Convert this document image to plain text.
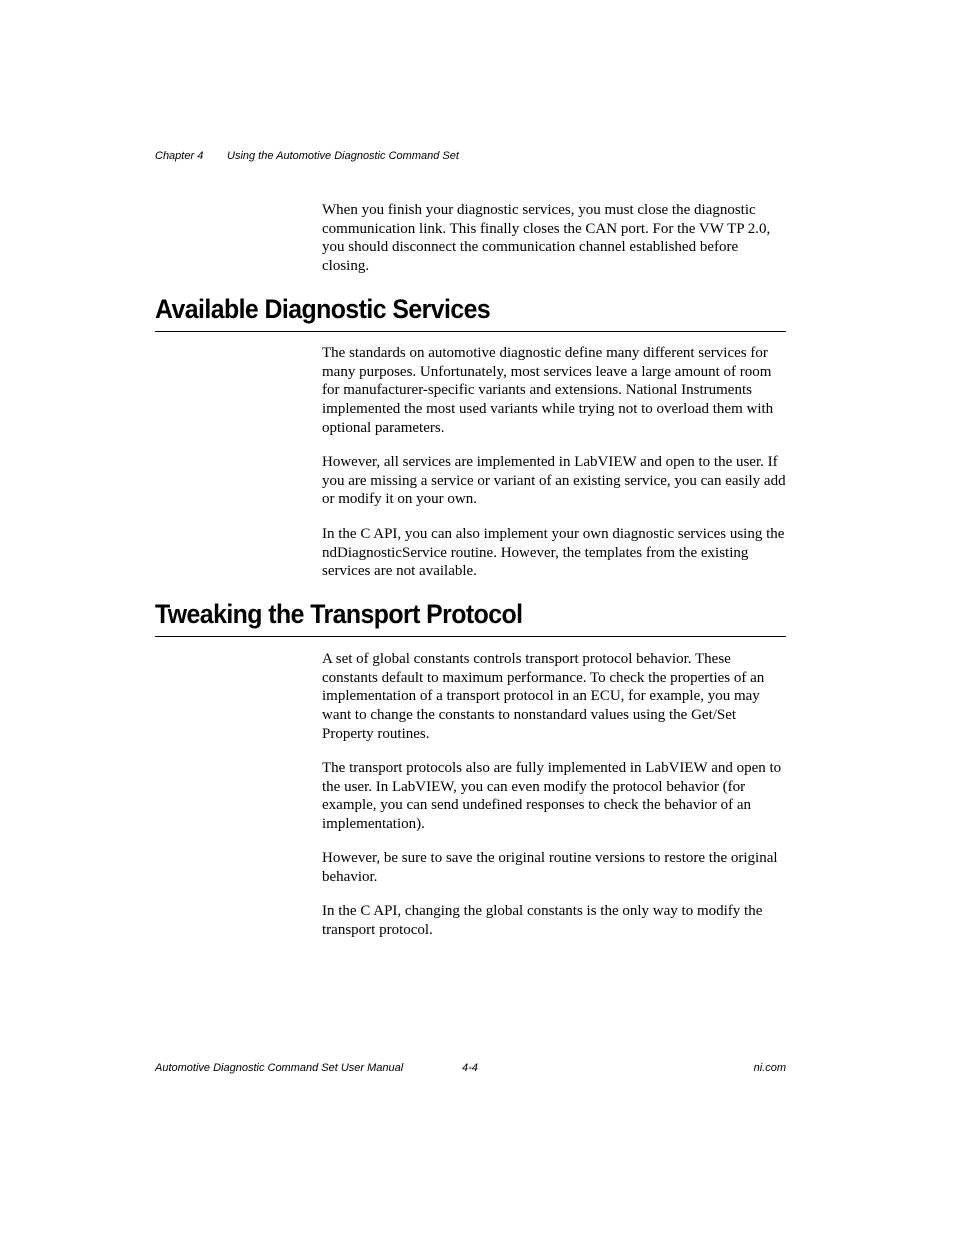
Chapter 4 Using the Automotive Diagnostic Command Set

When you finish your diagnostic services, you must close the diagnostic communication link. This finally closes the CAN port. For the VW TP 2.0, you should disconnect the communication channel established before closing.

Available Diagnostic Services

The standards on automotive diagnostic define many different services for many purposes. Unfortunately, most services leave a large amount of room for manufacturer-specific variants and extensions. National Instruments implemented the most used variants while trying not to overload them with optional parameters.

However, all services are implemented in LabVIEW and open to the user. If you are missing a service or variant of an existing service, you can easily add or modify it on your own.

In the C API, you can also implement your own diagnostic services using the ndDiagnosticService routine. However, the templates from the existing services are not available.

Tweaking the Transport Protocol

A set of global constants controls transport protocol behavior. These constants default to maximum performance. To check the properties of an implementation of a transport protocol in an ECU, for example, you may want to change the constants to nonstandard values using the Get/Set Property routines.

The transport protocols also are fully implemented in LabVIEW and open to the user. In LabVIEW, you can even modify the protocol behavior (for example, you can send undefined responses to check the behavior of an implementation).

However, be sure to save the original routine versions to restore the original behavior.

In the C API, changing the global constants is the only way to modify the transport protocol.

Automotive Diagnostic Command Set User Manual	4-4	ni.com
